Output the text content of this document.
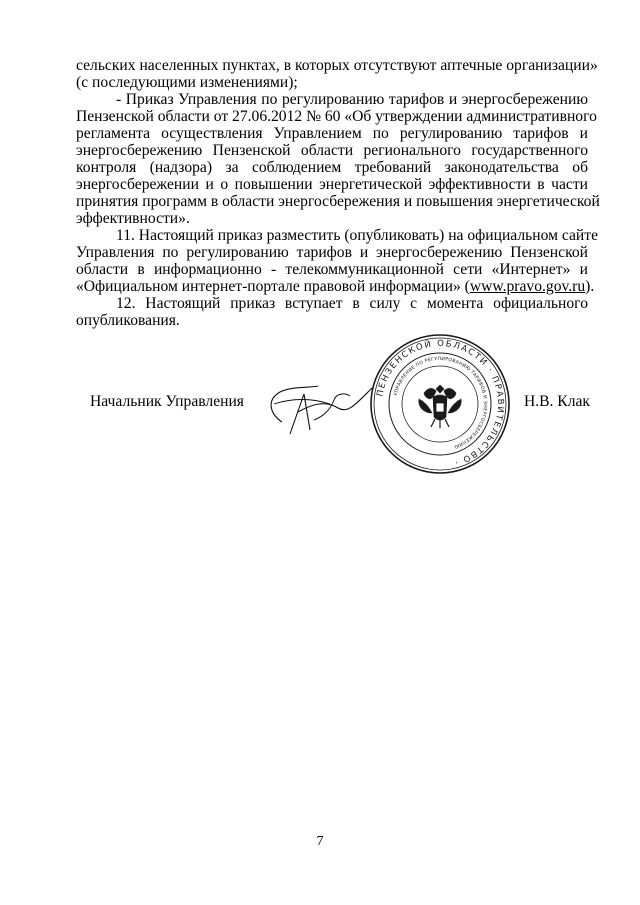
сельских населенных пунктах, в которых отсутствуют аптечные организации»
(с последующими изменениями);
- Приказ Управления по регулированию тарифов и энергосбережению
Пензенской области от 27.06.2012 № 60 «Об утверждении административного
регламента осуществления Управлением по регулированию тарифов и
энергосбережению Пензенской области регионального государственного
контроля (надзора) за соблюдением требований законодательства об
энергосбережении и о повышении энергетической эффективности в части
принятия программ в области энергосбережения и повышения энергетической
эффективности».
11. Настоящий приказ разместить (опубликовать) на официальном сайте
Управления по регулированию тарифов и энергосбережению Пензенской
области в информационно - телекоммуникационной сети «Интернет» и
«Официальном интернет-портале правовой информации» (www.pravo.gov.ru).
12. Настоящий приказ вступает в силу с момента официального
опубликования.
Начальник Управления	Н.В. Клак
ПЕНЗЕНСКОЙ ОБЛАСТИ · ПРАВИТЕЛЬСТВО ·
УПРАВЛЕНИЕ ПО РЕГУЛИРОВАНИЮ ТАРИФОВ И ЭНЕРГОСБЕРЕЖЕНИЮ
7
